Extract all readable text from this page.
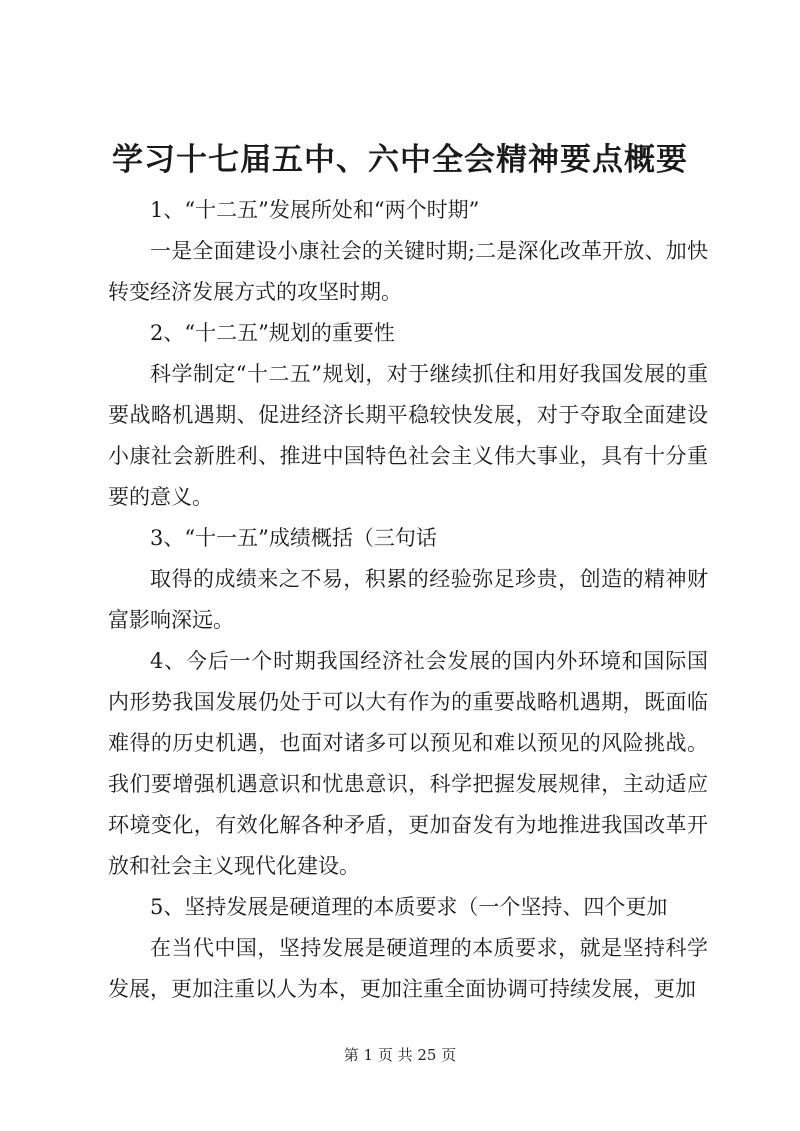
学习十七届五中、六中全会精神要点概要

1、“十二五”发展所处和“两个时期”

一是全面建设小康社会的关键时期;二是深化改革开放、加快转变经济发展方式的攻坚时期。

2、“十二五”规划的重要性

科学制定“十二五”规划，对于继续抓住和用好我国发展的重要战略机遇期、促进经济长期平稳较快发展，对于夺取全面建设小康社会新胜利、推进中国特色社会主义伟大事业，具有十分重要的意义。

3、“十一五”成绩概括（三句话

取得的成绩来之不易，积累的经验弥足珍贵，创造的精神财富影响深远。

4、今后一个时期我国经济社会发展的国内外环境和国际国内形势我国发展仍处于可以大有作为的重要战略机遇期，既面临难得的历史机遇，也面对诸多可以预见和难以预见的风险挑战。我们要增强机遇意识和忧患意识，科学把握发展规律，主动适应环境变化，有效化解各种矛盾，更加奋发有为地推进我国改革开放和社会主义现代化建设。

5、坚持发展是硬道理的本质要求（一个坚持、四个更加

在当代中国，坚持发展是硬道理的本质要求，就是坚持科学发展，更加注重以人为本，更加注重全面协调可持续发展，更加

第 1 页 共 25 页
